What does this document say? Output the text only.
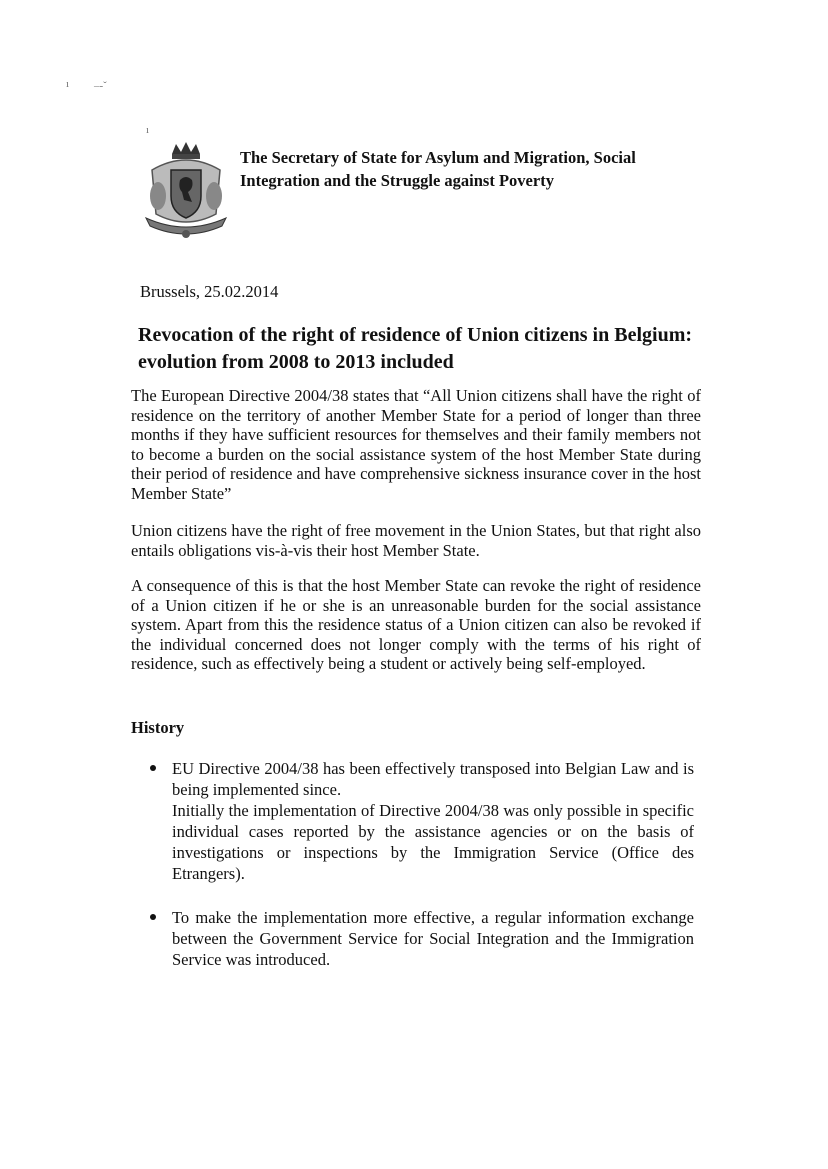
ı –‐ˇ
ı
The Secretary of State for Asylum and Migration, Social Integration and the Struggle against Poverty
Brussels, 25.02.2014
Revocation of the right of residence of Union citizens in Belgium: evolution from 2008 to 2013 included

The European Directive 2004/38 states that “All Union citizens shall have the right of residence on the territory of another Member State for a period of longer than three months if they have sufficient resources for themselves and their family members not to become a burden on the social assistance system of the host Member State during their period of residence and have comprehensive sickness insurance cover in the host Member State”

Union citizens have the right of free movement in the Union States, but that right also entails obligations vis-à-vis their host Member State.

A consequence of this is that the host Member State can revoke the right of residence of a Union citizen if he or she is an unreasonable burden for the social assistance system. Apart from this the residence status of a Union citizen can also be revoked if the individual concerned does not longer comply with the terms of his right of residence, such as effectively being a student or actively being self-employed.

History

EU Directive 2004/38 has been effectively transposed into Belgian Law and is being implemented since.

Initially the implementation of Directive 2004/38 was only possible in specific individual cases reported by the assistance agencies or on the basis of investigations or inspections by the Immigration Service (Office des Etrangers).

To make the implementation more effective, a regular information exchange between the Government Service for Social Integration and the Immigration Service was introduced.
